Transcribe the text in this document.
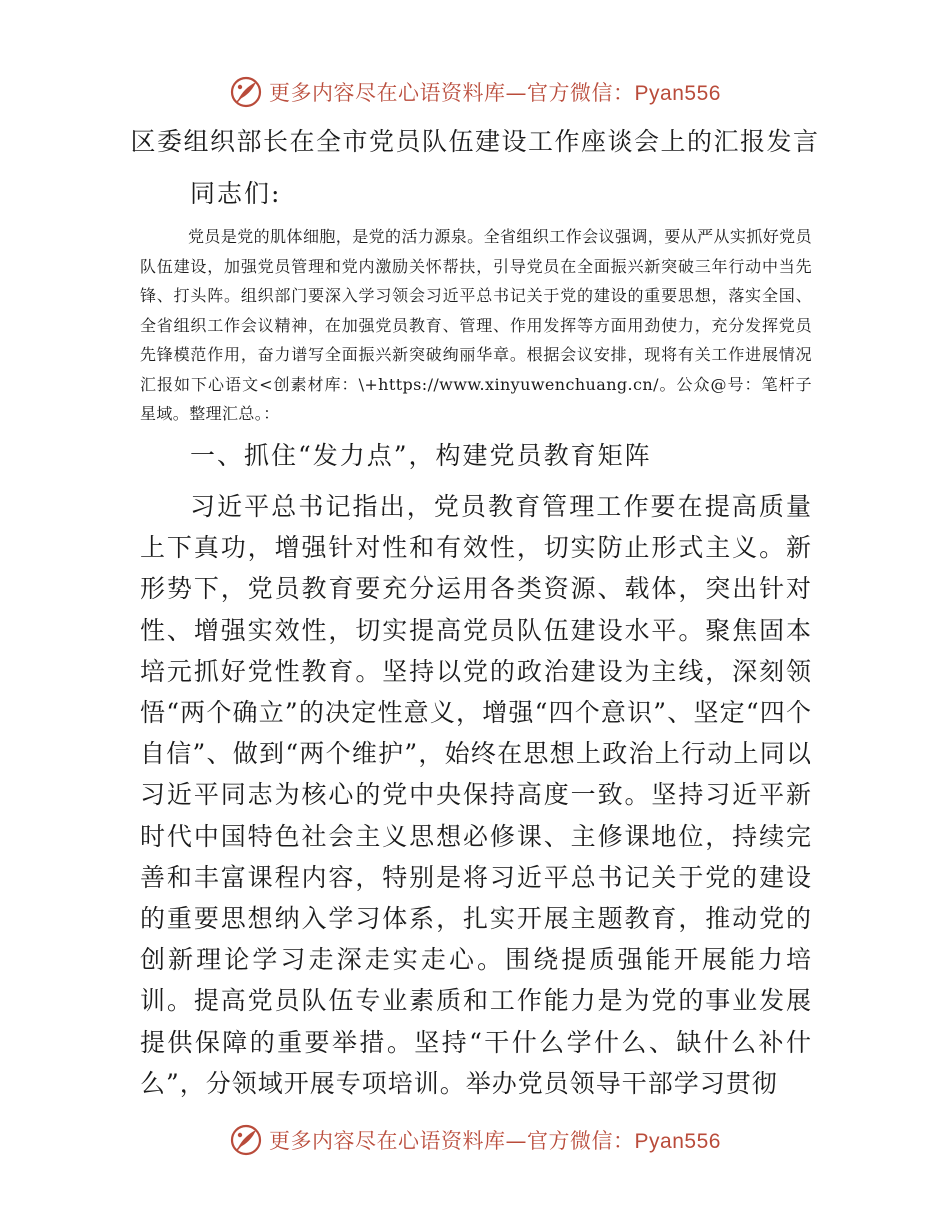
更多内容尽在心语资料库—官方微信：Pyan556
区委组织部长在全市党员队伍建设工作座谈会上的汇报发言

同志们:

党员是党的肌体细胞，是党的活力源泉。全省组织工作会议强调，要从严从实抓好党员队伍建设，加强党员管理和党内激励关怀帮扶，引导党员在全面振兴新突破三年行动中当先锋、打头阵。组织部门要深入学习领会习近平总书记关于党的建设的重要思想，落实全国、全省组织工作会议精神，在加强党员教育、管理、作用发挥等方面用劲使力，充分发挥党员先锋模范作用，奋力谱写全面振兴新突破绚丽华章。根据会议安排，现将有关工作进展情况汇报如下心语文<创素材库：\+https://www.xinyuwenchuang.cn/。公众@号：笔杆子星域。整理汇总。：

一、抓住“发力点”，构建党员教育矩阵

习近平总书记指出，党员教育管理工作要在提高质量上下真功，增强针对性和有效性，切实防止形式主义。新形势下，党员教育要充分运用各类资源、载体，突出针对性、增强实效性，切实提高党员队伍建设水平。聚焦固本培元抓好党性教育。坚持以党的政治建设为主线，深刻领悟“两个确立”的决定性意义，增强“四个意识”、坚定“四个自信”、做到“两个维护”，始终在思想上政治上行动上同以习近平同志为核心的党中央保持高度一致。坚持习近平新时代中国特色社会主义思想必修课、主修课地位，持续完善和丰富课程内容，特别是将习近平总书记关于党的建设的重要思想纳入学习体系，扎实开展主题教育，推动党的创新理论学习走深走实走心。围绕提质强能开展能力培训。提高党员队伍专业素质和工作能力是为党的事业发展提供保障的重要举措。坚持“干什么学什么、缺什么补什么”，分领域开展专项培训。举办党员领导干部学习贯彻

更多内容尽在心语资料库—官方微信：Pyan556
